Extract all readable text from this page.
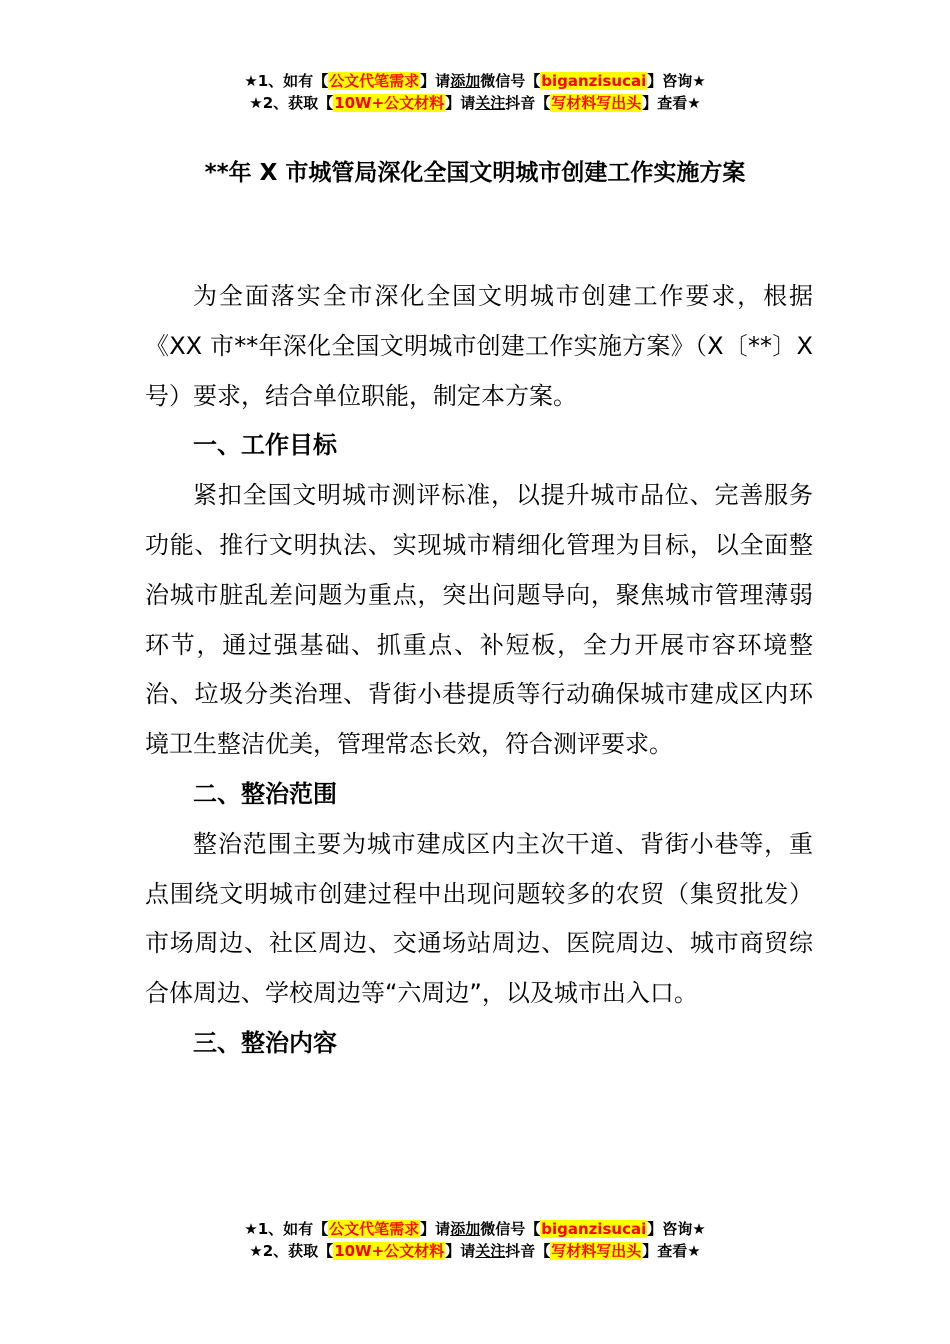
★1、如有【公文代笔需求】请添加微信号【biganzisucai】咨询★
★2、获取【10W+公文材料】请关注抖音【写材料写出头】查看★
**年 X 市城管局深化全国文明城市创建工作实施方案

为全面落实全市深化全国文明城市创建工作要求，根据《XX 市**年深化全国文明城市创建工作实施方案》（X〔**〕X 号）要求，结合单位职能，制定本方案。

一、工作目标

紧扣全国文明城市测评标准，以提升城市品位、完善服务功能、推行文明执法、实现城市精细化管理为目标，以全面整治城市脏乱差问题为重点，突出问题导向，聚焦城市管理薄弱环节，通过强基础、抓重点、补短板，全力开展市容环境整治、垃圾分类治理、背街小巷提质等行动确保城市建成区内环境卫生整洁优美，管理常态长效，符合测评要求。

二、整治范围

整治范围主要为城市建成区内主次干道、背街小巷等，重点围绕文明城市创建过程中出现问题较多的农贸（集贸批发）市场周边、社区周边、交通场站周边、医院周边、城市商贸综合体周边、学校周边等“六周边”，以及城市出入口。

三、整治内容

★1、如有【公文代笔需求】请添加微信号【biganzisucai】咨询★
★2、获取【10W+公文材料】请关注抖音【写材料写出头】查看★
